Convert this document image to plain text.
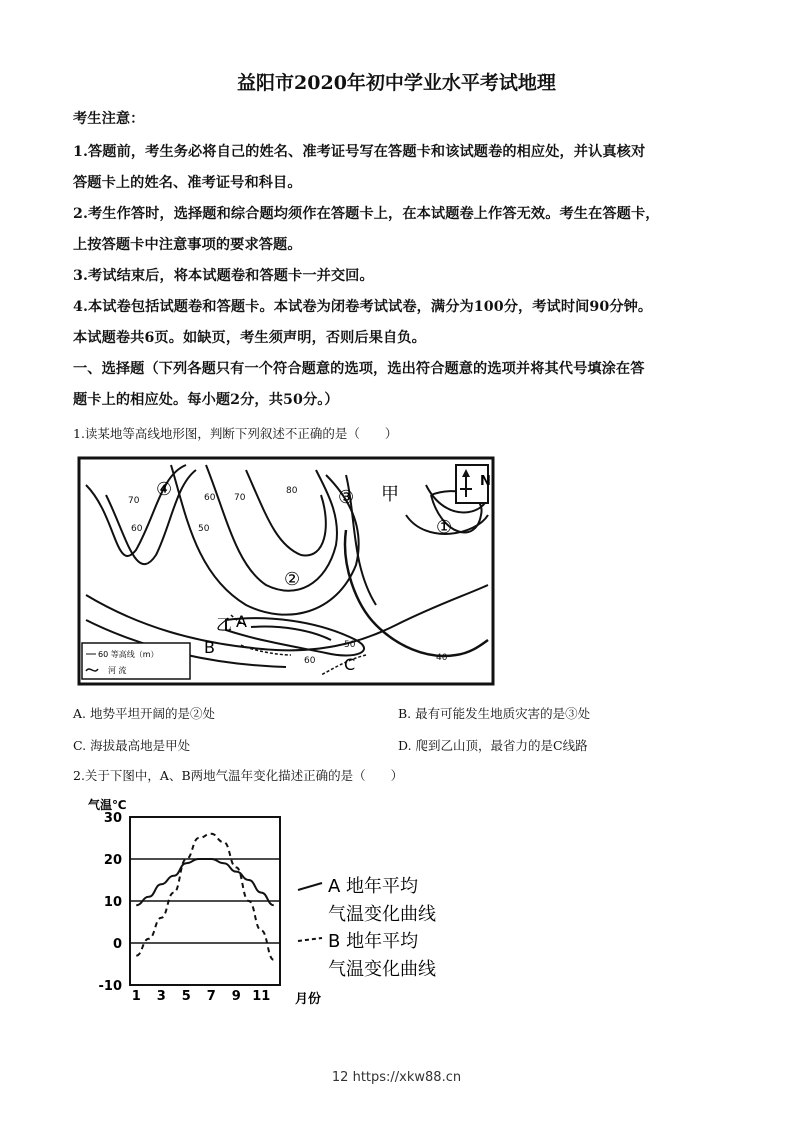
益阳市2020年初中学业水平考试地理
考生注意：
1.答题前，考生务必将自己的姓名、准考证号写在答题卡和该试题卷的相应处，并认真核对
答题卡上的姓名、准考证号和科目。
2.考生作答时，选择题和综合题均须作在答题卡上，在本试题卷上作答无效。考生在答题卡，
上按答题卡中注意事项的要求答题。
3.考试结束后，将本试题卷和答题卡一并交回。
4.本试卷包括试题卷和答题卡。本试卷为闭卷考试试卷，满分为100分，考试时间90分钟。
本试题卷共6页。如缺页，考生须声明，否则后果自负。
一、选择题（下列各题只有一个符合题意的选项，选出符合题意的选项并将其代号填涂在答
题卡上的相应处。每小题2分，共50分。）
1.读某地等高线地形图，判断下列叙述不正确的是（　　）
N
甲
乙
①
②
③
④
A
B
C
70
60	50
60 70
80
50
60	40
60 等高线（m）
河 流
A. 地势平坦开阔的是②处	B. 最有可能发生地质灾害的是③处
C. 海拔最高地是甲处	D. 爬到乙山顶，最省力的是C线路
2.关于下图中，A、B两地气温年变化描述正确的是（　　）
气温℃
30
20
10
0
-10
1 3 5 7 9 11 月份
A 地年平均
气温变化曲线
B 地年平均
气温变化曲线
12 https://xkw88.cn
